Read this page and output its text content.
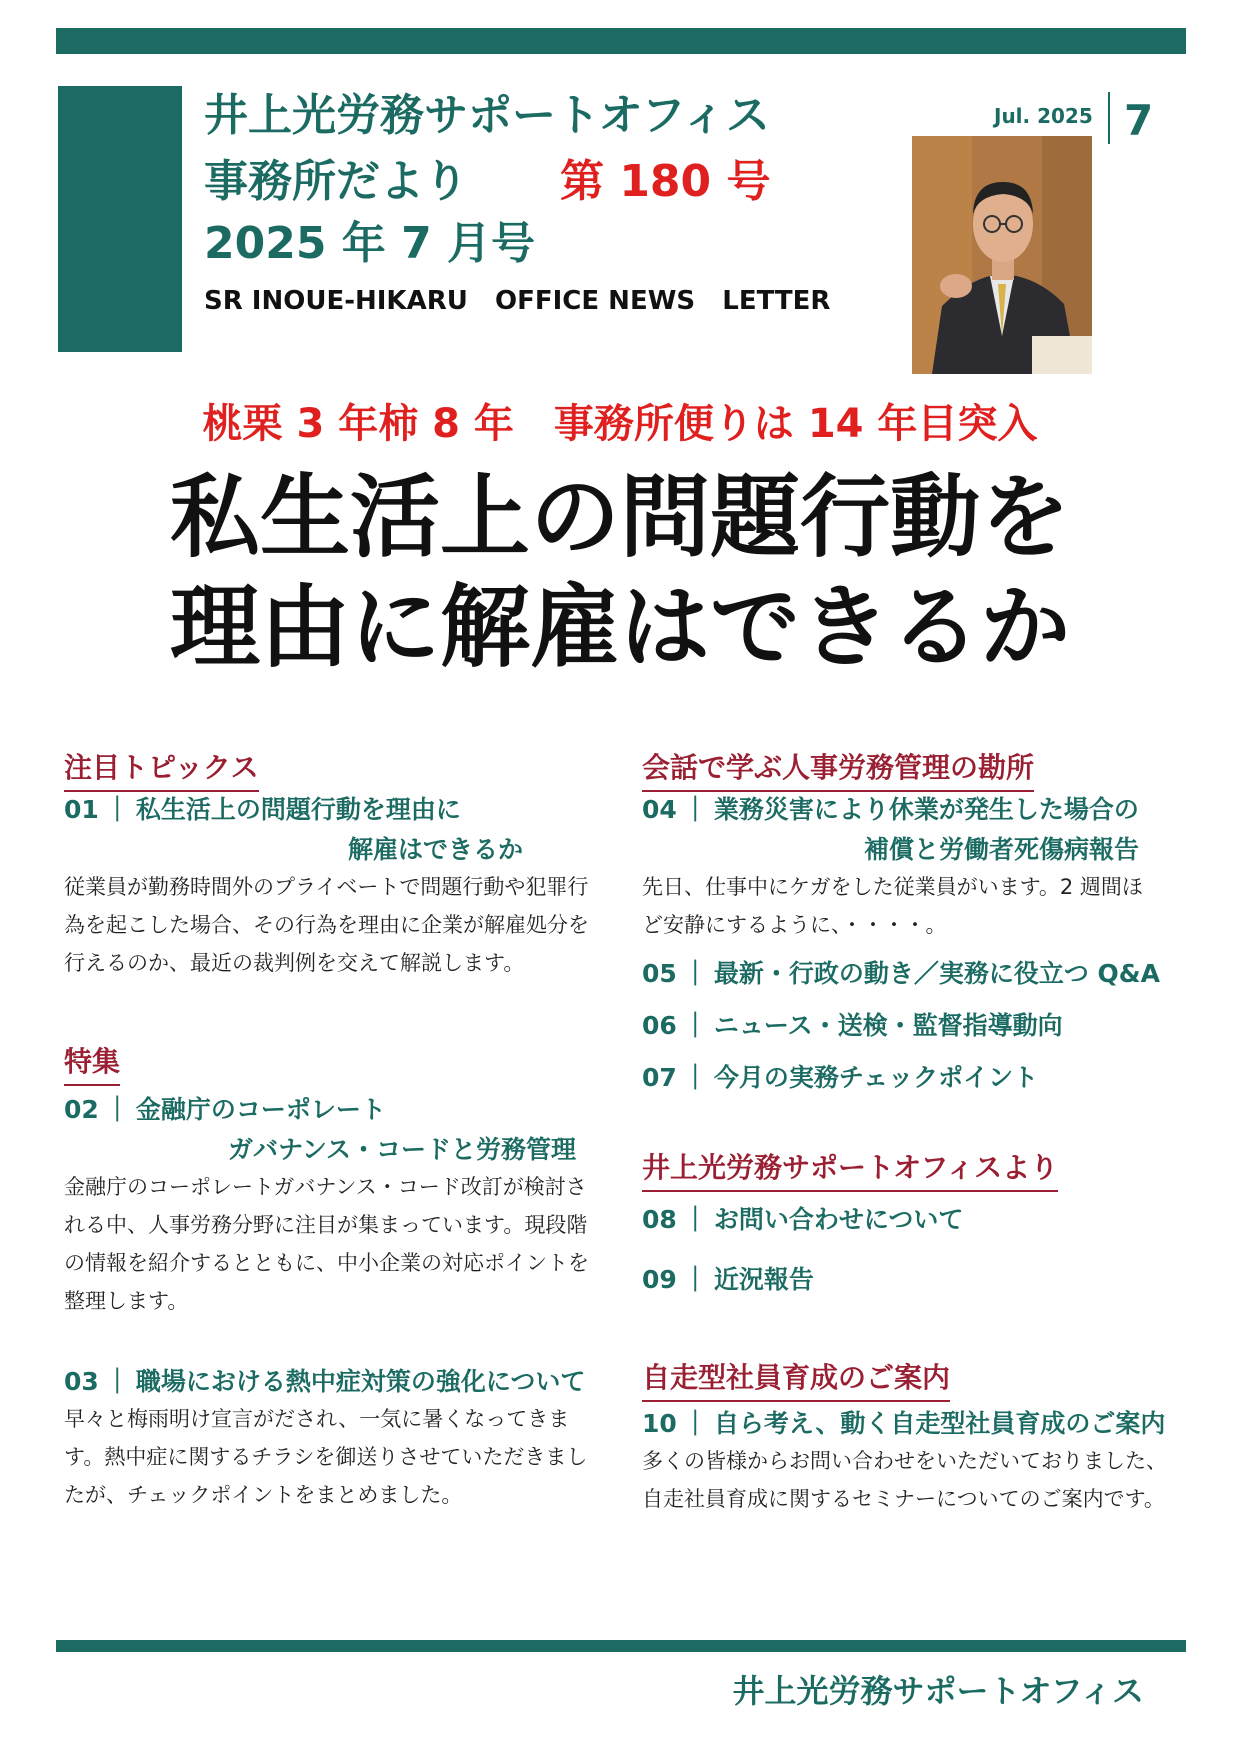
井上光労務サポートオフィス
事務所だより 第 180 号
2025 年 7 月号
SR INOUE-HIKARU   OFFICE NEWS   LETTER
Jul. 2025 7
桃栗 3 年柿 8 年　事務所便りは 14 年目突入
私生活上の問題行動を
理由に解雇はできるか
注目トピックス
01 ｜ 私生活上の問題行動を理由に
解雇はできるか
従業員が勤務時間外のプライベートで問題行動や犯罪行為を起こした場合、その行為を理由に企業が解雇処分を行えるのか、最近の裁判例を交えて解説します。
特集
02 ｜ 金融庁のコーポレート
ガバナンス・コードと労務管理
金融庁のコーポレートガバナンス・コード改訂が検討される中、人事労務分野に注目が集まっています。現段階の情報を紹介するとともに、中小企業の対応ポイントを整理します。
03 ｜ 職場における熱中症対策の強化について
早々と梅雨明け宣言がだされ、一気に暑くなってきます。熱中症に関するチラシを御送りさせていただきましたが、チェックポイントをまとめました。
会話で学ぶ人事労務管理の勘所
04 ｜ 業務災害により休業が発生した場合の
補償と労働者死傷病報告
先日、仕事中にケガをした従業員がいます。2 週間ほど安静にするように、・・・・。
05 ｜ 最新・行政の動き／実務に役立つ Q&A
06 ｜ ニュース・送検・監督指導動向
07 ｜ 今月の実務チェックポイント
井上光労務サポートオフィスより
08 ｜ お問い合わせについて
09 ｜ 近況報告
自走型社員育成のご案内
10 ｜ 自ら考え、動く自走型社員育成のご案内
多くの皆様からお問い合わせをいただいておりました、自走社員育成に関するセミナーについてのご案内です。
井上光労務サポートオフィス
